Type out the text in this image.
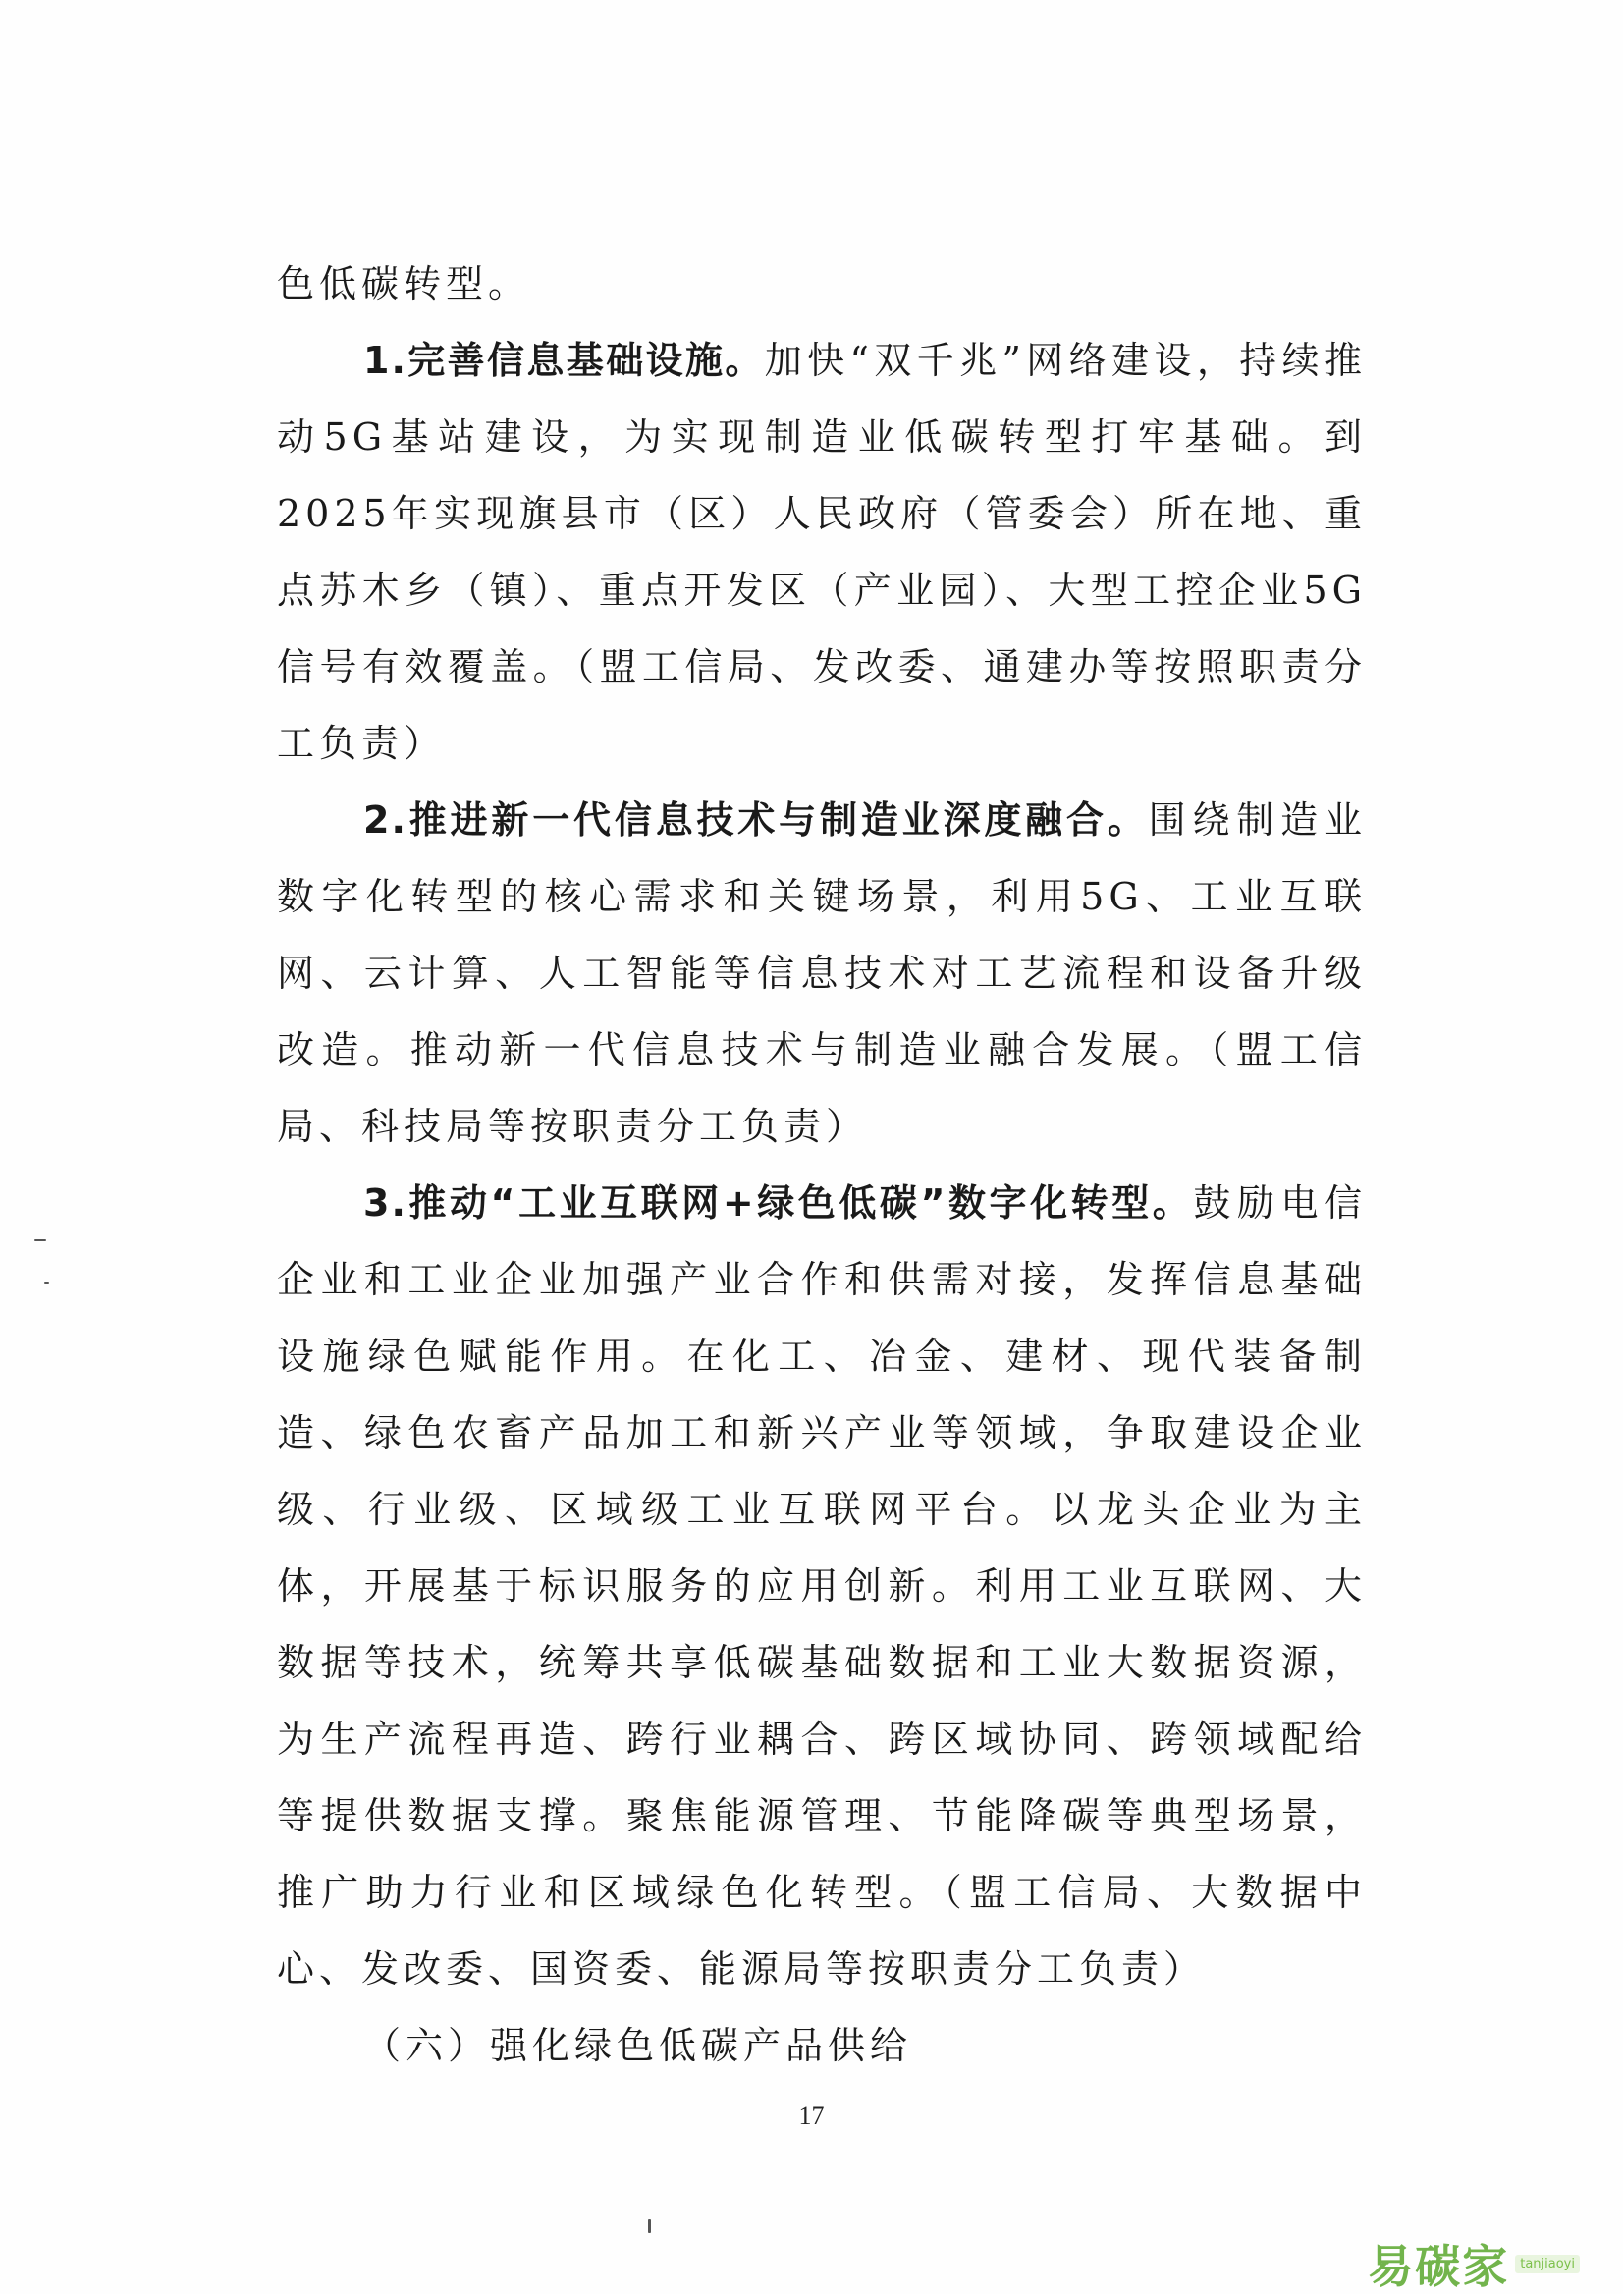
色低碳转型。

1.完善信息基础设施。加快“双千兆”网络建设，持续推动5G基站建设，为实现制造业低碳转型打牢基础。到2025年实现旗县市（区）人民政府（管委会）所在地、重点苏木乡（镇）、重点开发区（产业园）、大型工控企业5G信号有效覆盖。（盟工信局、发改委、通建办等按照职责分工负责）

2.推进新一代信息技术与制造业深度融合。围绕制造业数字化转型的核心需求和关键场景，利用5G、工业互联网、云计算、人工智能等信息技术对工艺流程和设备升级改造。推动新一代信息技术与制造业融合发展。（盟工信局、科技局等按职责分工负责）

3.推动“工业互联网+绿色低碳”数字化转型。鼓励电信企业和工业企业加强产业合作和供需对接，发挥信息基础设施绿色赋能作用。在化工、冶金、建材、现代装备制造、绿色农畜产品加工和新兴产业等领域，争取建设企业级、行业级、区域级工业互联网平台。以龙头企业为主体，开展基于标识服务的应用创新。利用工业互联网、大数据等技术，统筹共享低碳基础数据和工业大数据资源，为生产流程再造、跨行业耦合、跨区域协同、跨领域配给等提供数据支撑。聚焦能源管理、节能降碳等典型场景，推广助力行业和区域绿色化转型。（盟工信局、大数据中心、发改委、国资委、能源局等按职责分工负责）

（六）强化绿色低碳产品供给

17
易碳家 tanjiaoyi
